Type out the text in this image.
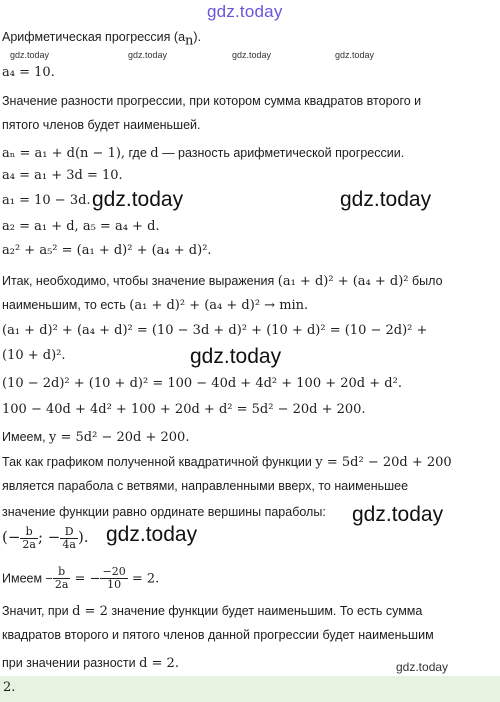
gdz.today
Арифметическая прогрессия $(a_n)$.
gdz.today	gdz.today	gdz.today	gdz.today
a₄ = 10.
Значение разности прогрессии, при котором сумма квадратов второго и
пятого членов будет наименьшей.
aₙ = a₁ + d(n − 1), где d — разность арифметической прогрессии.
a₄ = a₁ + 3d = 10.
a₁ = 10 − 3d. gdz.today	gdz.today
a₂ = a₁ + d, a₅ = a₄ + d.
a₂² + a₅² = (a₁ + d)² + (a₄ + d)².
Итак, необходимо, чтобы значение выражения (a₁ + d)² + (a₄ + d)² было
наименьшим, то есть (a₁ + d)² + (a₄ + d)² → min.
(a₁ + d)² + (a₄ + d)² = (10 − 3d + d)² + (10 + d)² = (10 − 2d)² +
(10 + d)².	gdz.today
(10 − 2d)² + (10 + d)² = 100 − 40d + 4d² + 100 + 20d + d².
100 − 40d + 4d² + 100 + 20d + d² = 5d² − 20d + 200.
Имеем, y = 5d² − 20d + 200.
Так как графиком полученной квадратичной функции y = 5d² − 20d + 200
является парабола с ветвями, направленными вверх, то наименьшее
значение функции равно ординате вершины параболы: gdz.today
(− $\frac{b}{2a}$ ; − $\frac{D}{4a}$ ). gdz.today
Имеем − $\frac{b}{2a}$ = − $\frac{-20}{10} = 2$.
Значит, при d = 2 значение функции будет наименьшим. То есть сумма
квадратов второго и пятого членов данной прогрессии будет наименьшим
при значении разности d = 2.	gdz.today
2.
